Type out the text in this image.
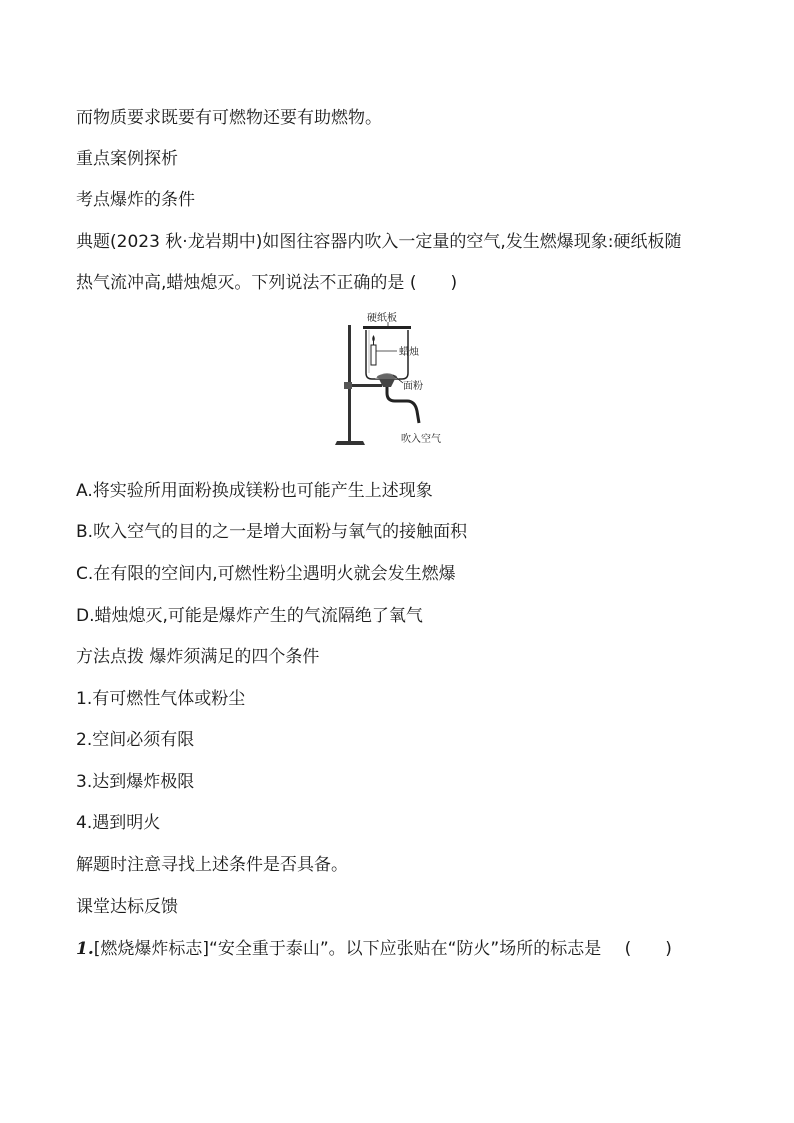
而物质要求既要有可燃物还要有助燃物。
重点案例探析
考点爆炸的条件
典题(2023 秋·龙岩期中)如图往容器内吹入一定量的空气,发生燃爆现象:硬纸板随
热气流冲高,蜡烛熄灭。下列说法不正确的是 (　　)
硬纸板
蜡烛
面粉
吹入空气
A.将实验所用面粉换成镁粉也可能产生上述现象
B.吹入空气的目的之一是增大面粉与氧气的接触面积
C.在有限的空间内,可燃性粉尘遇明火就会发生燃爆
D.蜡烛熄灭,可能是爆炸产生的气流隔绝了氧气
方法点拨 爆炸须满足的四个条件
1.有可燃性气体或粉尘
2.空间必须有限
3.达到爆炸极限
4.遇到明火
解题时注意寻找上述条件是否具备。
课堂达标反馈
1.[燃烧爆炸标志]“安全重于泰山”。以下应张贴在“防火”场所的标志是 (　　)
